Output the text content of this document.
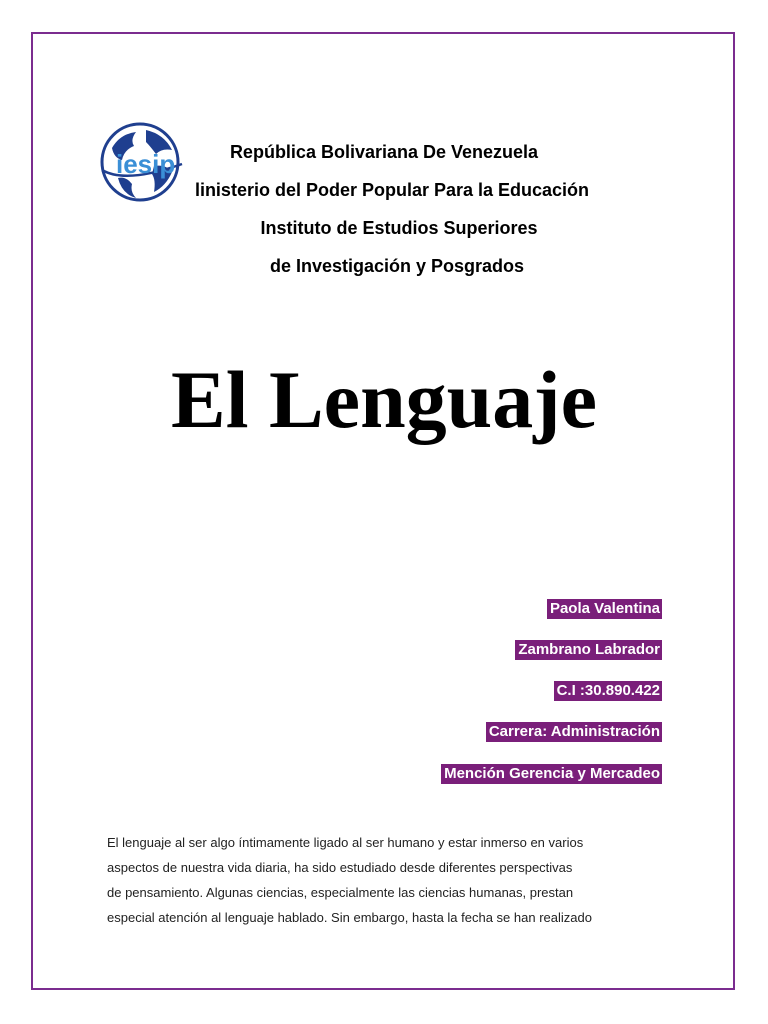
iesip	República Bolivariana De Venezuela
linisterio del Poder Popular Para la Educación
Instituto de Estudios Superiores
de Investigación y Posgrados
El Lenguaje
Paola Valentina
Zambrano Labrador
C.I :30.890.422
Carrera: Administración
Mención Gerencia y Mercadeo
El lenguaje al ser algo íntimamente ligado al ser humano y estar inmerso en varios
aspectos de nuestra vida diaria, ha sido estudiado desde diferentes perspectivas
de pensamiento. Algunas ciencias, especialmente las ciencias humanas, prestan
especial atención al lenguaje hablado. Sin embargo, hasta la fecha se han realizado
